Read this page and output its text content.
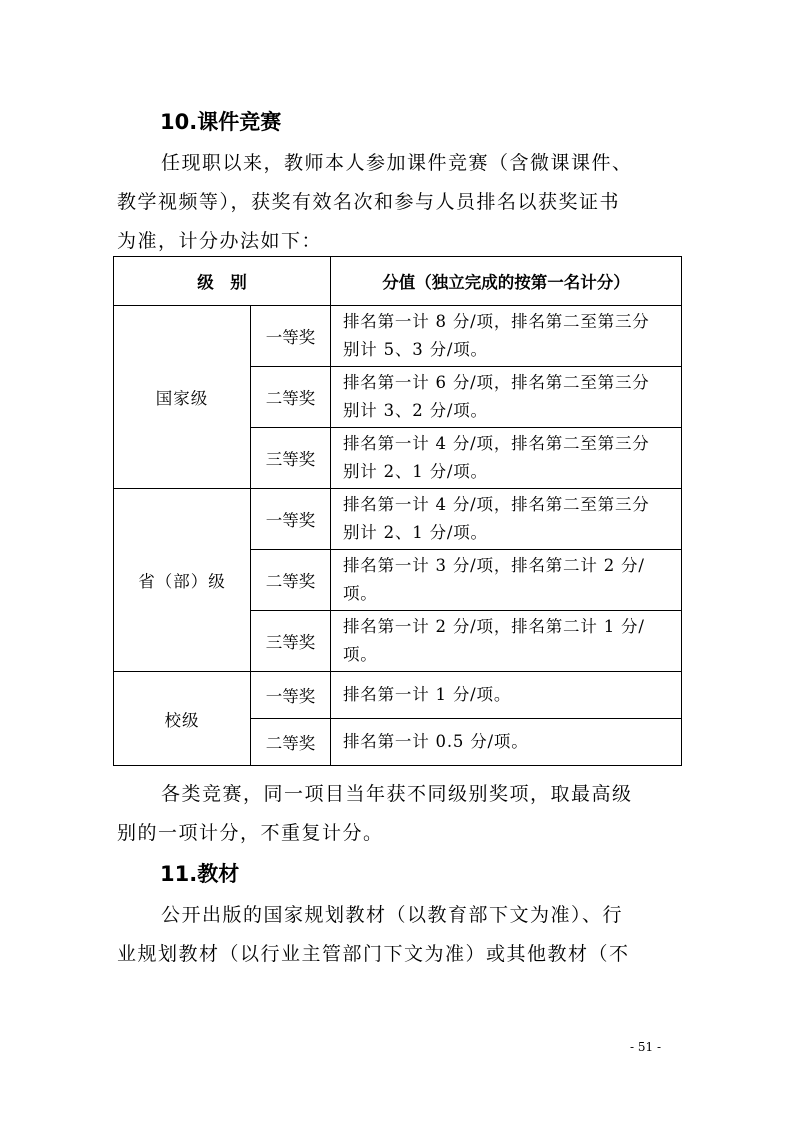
10.课件竞赛
任现职以来，教师本人参加课件竞赛（含微课课件、
教学视频等），获奖有效名次和参与人员排名以获奖证书
为准，计分办法如下：
级　别		分值（独立完成的按第一名计分）
国家级	一等奖	排名第一计 8 分/项，排名第二至第三分
别计 5、3 分/项。

	二等奖	排名第一计 6 分/项，排名第二至第三分
别计 3、2 分/项。

	三等奖	排名第一计 4 分/项，排名第二至第三分
别计 2、1 分/项。

省（部）级	一等奖	排名第一计 4 分/项，排名第二至第三分
别计 2、1 分/项。

	二等奖	排名第一计 3 分/项，排名第二计 2 分/
项。

	三等奖	排名第一计 2 分/项，排名第二计 1 分/
项。

校级	一等奖	排名第一计 1 分/项。

	二等奖	排名第一计 0.5 分/项。
各类竞赛，同一项目当年获不同级别奖项，取最高级
别的一项计分，不重复计分。
11.教材
公开出版的国家规划教材（以教育部下文为准）、行
业规划教材（以行业主管部门下文为准）或其他教材（不
- 51 -
